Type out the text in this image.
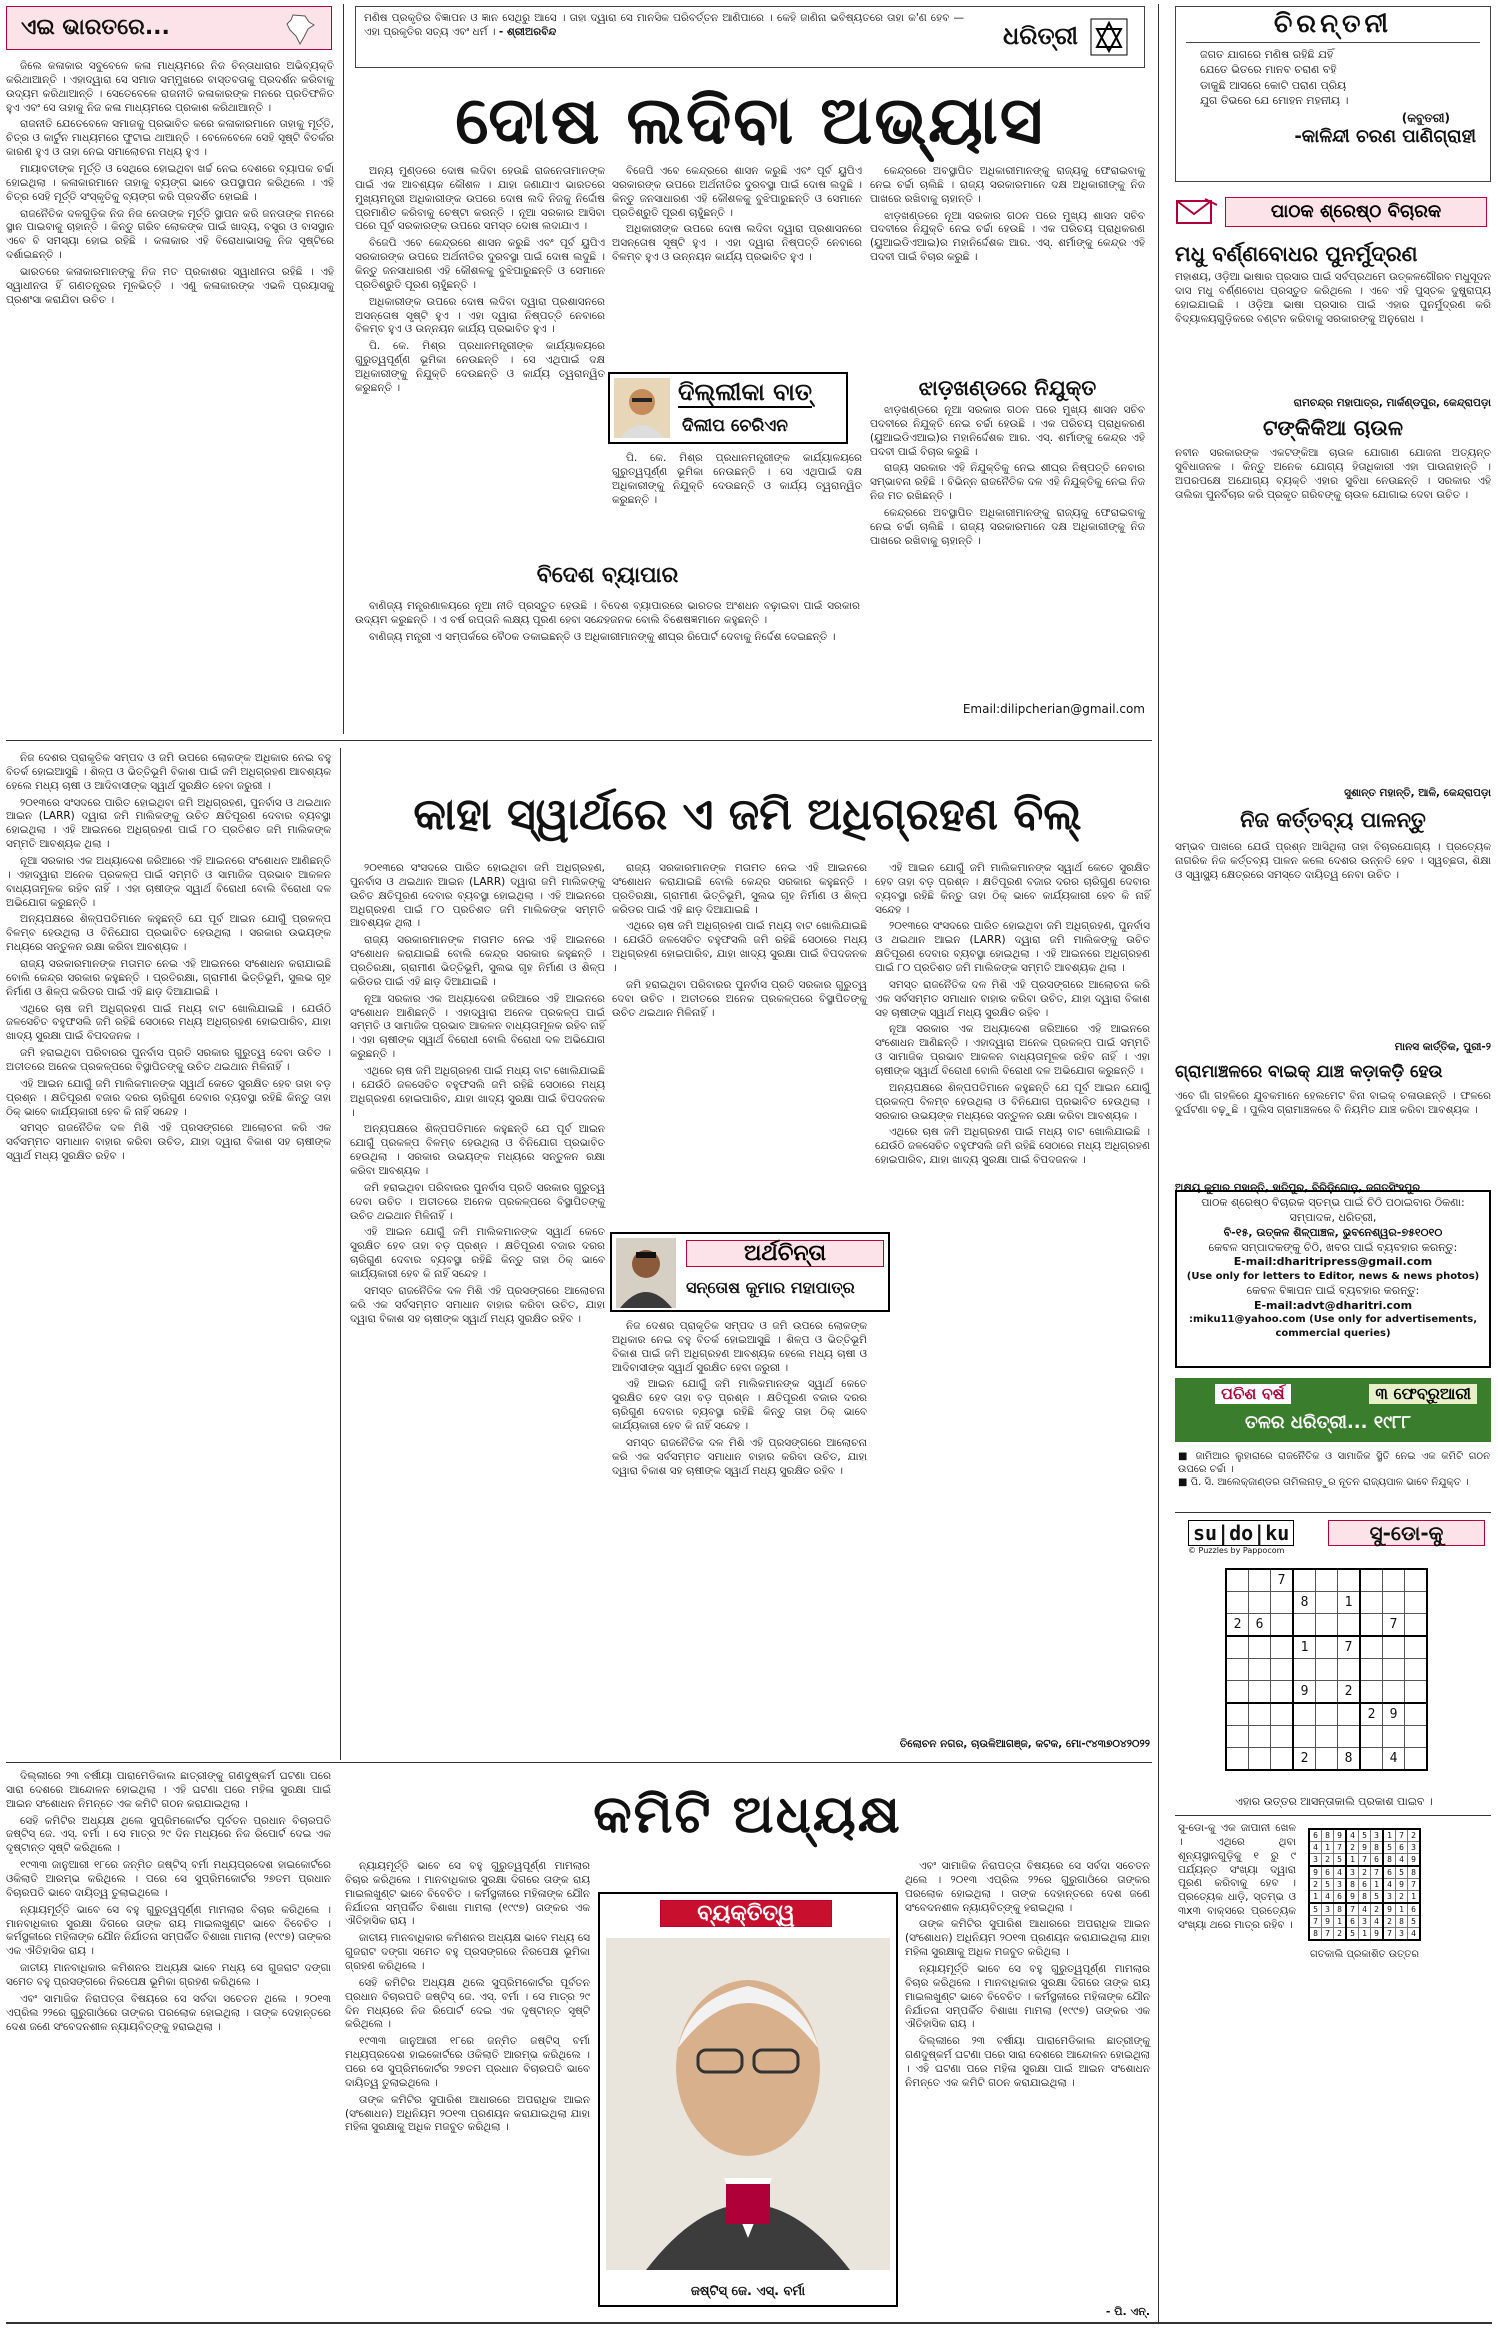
ଏଇ ଭାରତରେ...

ଜିଲେ କଳାକାର ସବୁବେଳେ କଳା ମାଧ୍ୟମରେ ନିଜ ଚିନ୍ତାଧାରାର ଅଭିବ୍ୟକ୍ତି କରିଥାଆନ୍ତି । ଏହାଦ୍ୱାରା ସେ ସମାଜ ସମ୍ମୁଖରେ ବାସ୍ତବତାକୁ ପ୍ରଦର୍ଶନ କରିବାକୁ ଉଦ୍ୟମ କରିଥାଆନ୍ତି । ସେତେବେଳେ ରାଜନୀତି କଳାକାରଙ୍କ ମନରେ ପ୍ରତିଫଳିତ ହୁଏ ଏବଂ ସେ ତାହାକୁ ନିଜ କଳା ମାଧ୍ୟମରେ ପ୍ରକାଶ କରିଥାଆନ୍ତି ।

ରାଜନୀତି ଯେତେବେଳେ ସମାଜକୁ ପ୍ରଭାବିତ କରେ କଳାକାରମାନେ ତାହାକୁ ମୂର୍ତ୍ତି, ଚିତ୍ର ଓ କାର୍ଟୁନ ମାଧ୍ୟମରେ ଫୁଟାଇ ଥାଆନ୍ତି । ବେଳେବେଳେ ସେହି ସୃଷ୍ଟି ବିତର୍କର କାରଣ ହୁଏ ଓ ତାହା ନେଇ ସମାଲୋଚନା ମଧ୍ୟ ହୁଏ ।

ମାୟାବତୀଙ୍କ ମୂର୍ତ୍ତି ଓ ସେଥିରେ ହୋଇଥିବା ଖର୍ଚ୍ଚ ନେଇ ଦେଶରେ ବ୍ୟାପକ ଚର୍ଚ୍ଚା ହୋଇଥିଲା । କଳାକାରମାନେ ତାହାକୁ ବ୍ୟଙ୍ଗ ଭାବେ ଉପସ୍ଥାପନ କରିଥିଲେ । ଏହି ଚିତ୍ର ସେହି ମୂର୍ତ୍ତି ସଂସ୍କୃତିକୁ ବ୍ୟଙ୍ଗ କରି ପ୍ରଦର୍ଶିତ ହୋଇଛି ।

ରାଜନୈତିକ ଦଳଗୁଡ଼ିକ ନିଜ ନିଜ ନେତାଙ୍କ ମୂର୍ତ୍ତି ସ୍ଥାପନ କରି ଜନତାଙ୍କ ମନରେ ସ୍ଥାନ ପାଇବାକୁ ଚାହାନ୍ତି । କିନ୍ତୁ ଗରିବ ଲୋକଙ୍କ ପାଇଁ ଖାଦ୍ୟ, ବସ୍ତ୍ର ଓ ବାସସ୍ଥାନ ଏବେ ବି ସମସ୍ୟା ହୋଇ ରହିଛି । କଳାକାର ଏହି ବିରୋଧାଭାସକୁ ନିଜ ସୃଷ୍ଟିରେ ଦର୍ଶାଇଛନ୍ତି ।

ଭାରତରେ କଳାକାରମାନଙ୍କୁ ନିଜ ମତ ପ୍ରକାଶର ସ୍ୱାଧୀନତା ରହିଛି । ଏହି ସ୍ୱାଧୀନତା ହିଁ ଗଣତନ୍ତ୍ରର ମୂଳଭିତ୍ତି । ଏଣୁ କଳାକାରଙ୍କ ଏଭଳି ପ୍ରୟାସକୁ ପ୍ରଶଂସା କରାଯିବା ଉଚିତ ।

ମଣିଷ ପ୍ରକୃତିର ବିଜ୍ଞାପନ ଓ ଜ୍ଞାନ ସେଥିରୁ ଆସେ । ତାହା ଦ୍ୱାରା ସେ ମାନସିକ ପରିବର୍ତ୍ତନ ଆଣିପାରେ । କେହି ଜାଣିନା ଭବିଷ୍ୟତରେ ତାହା କ'ଣ ହେବ — ଏହା ପ୍ରକୃତିର ସତ୍ୟ ଏବଂ ଧର୍ମ । - ଶ୍ରୀଅରବିନ୍ଦ	ଧରିତ୍ରୀ
ଦୋଷ ଲଦିବା ଅଭ୍ୟାସ

ଅନ୍ୟ ମୁଣ୍ଡରେ ଦୋଷ ଲଦିବା ହେଉଛି ରାଜନେତାମାନଙ୍କ ପାଇଁ ଏକ ଆବଶ୍ୟକ କୌଶଳ । ଯାହା ଜଣାଯାଏ ଭାରତରେ ମୁଖ୍ୟମନ୍ତ୍ରୀ ଅଧିକାରୀଙ୍କ ଉପରେ ଦୋଷ ଲଦି ନିଜକୁ ନିର୍ଦ୍ଦୋଷ ପ୍ରମାଣିତ କରିବାକୁ ଚେଷ୍ଟା କରନ୍ତି । ନୂଆ ସରକାର ଆସିବା ପରେ ପୂର୍ବ ସରକାରଙ୍କ ଉପରେ ସମସ୍ତ ଦୋଷ ଲଦାଯାଏ ।

ବିଜେପି ଏବେ କେନ୍ଦ୍ରରେ ଶାସନ କରୁଛି ଏବଂ ପୂର୍ବ ୟୁପିଏ ସରକାରଙ୍କ ଉପରେ ଅର୍ଥନୀତିର ଦୁରବସ୍ଥା ପାଇଁ ଦୋଷ ଲଦୁଛି । କିନ୍ତୁ ଜନସାଧାରଣ ଏହି କୌଶଳକୁ ବୁଝିପାରୁଛନ୍ତି ଓ ସେମାନେ ପ୍ରତିଶ୍ରୁତି ପୂରଣ ଚାହୁଁଛନ୍ତି ।

ଅଧିକାରୀଙ୍କ ଉପରେ ଦୋଷ ଲଦିବା ଦ୍ୱାରା ପ୍ରଶାସନରେ ଅସନ୍ତୋଷ ସୃଷ୍ଟି ହୁଏ । ଏହା ଦ୍ୱାରା ନିଷ୍ପତ୍ତି ନେବାରେ ବିଳମ୍ବ ହୁଏ ଓ ଉନ୍ନୟନ କାର୍ଯ୍ୟ ପ୍ରଭାବିତ ହୁଏ ।

ପି. କେ. ମିଶ୍ର ପ୍ରଧାନମନ୍ତ୍ରୀଙ୍କ କାର୍ଯ୍ୟାଳୟରେ ଗୁରୁତ୍ୱପୂର୍ଣ୍ଣ ଭୂମିକା ନେଉଛନ୍ତି । ସେ ଏଥିପାଇଁ ଦକ୍ଷ ଅଧିକାରୀଙ୍କୁ ନିଯୁକ୍ତି ଦେଉଛନ୍ତି ଓ କାର୍ଯ୍ୟ ତ୍ୱରାନ୍ୱିତ କରୁଛନ୍ତି ।

ବିଜେପି ଏବେ କେନ୍ଦ୍ରରେ ଶାସନ କରୁଛି ଏବଂ ପୂର୍ବ ୟୁପିଏ ସରକାରଙ୍କ ଉପରେ ଅର୍ଥନୀତିର ଦୁରବସ୍ଥା ପାଇଁ ଦୋଷ ଲଦୁଛି । କିନ୍ତୁ ଜନସାଧାରଣ ଏହି କୌଶଳକୁ ବୁଝିପାରୁଛନ୍ତି ଓ ସେମାନେ ପ୍ରତିଶ୍ରୁତି ପୂରଣ ଚାହୁଁଛନ୍ତି ।

ଅଧିକାରୀଙ୍କ ଉପରେ ଦୋଷ ଲଦିବା ଦ୍ୱାରା ପ୍ରଶାସନରେ ଅସନ୍ତୋଷ ସୃଷ୍ଟି ହୁଏ । ଏହା ଦ୍ୱାରା ନିଷ୍ପତ୍ତି ନେବାରେ ବିଳମ୍ବ ହୁଏ ଓ ଉନ୍ନୟନ କାର୍ଯ୍ୟ ପ୍ରଭାବିତ ହୁଏ ।

କେନ୍ଦ୍ରରେ ଅବସ୍ଥାପିତ ଅଧିକାରୀମାନଙ୍କୁ ରାଜ୍ୟକୁ ଫେରାଇବାକୁ ନେଇ ଚର୍ଚ୍ଚା ଚାଲିଛି । ରାଜ୍ୟ ସରକାରମାନେ ଦକ୍ଷ ଅଧିକାରୀଙ୍କୁ ନିଜ ପାଖରେ ରଖିବାକୁ ଚାହାନ୍ତି ।

ଝାଡ଼ଖଣ୍ଡରେ ନୂଆ ସରକାର ଗଠନ ପରେ ମୁଖ୍ୟ ଶାସନ ସଚିବ ପଦବୀରେ ନିଯୁକ୍ତି ନେଇ ଚର୍ଚ୍ଚା ହେଉଛି । ଏକ ପରିଚୟ ପ୍ରାଧିକରଣ (ୟୁଆଇଡିଏଆଇ)ର ମହାନିର୍ଦ୍ଦେଶକ ଆର. ଏସ୍. ଶର୍ମାଙ୍କୁ କେନ୍ଦ୍ର ଏହି ପଦବୀ ପାଇଁ ବିଚାର କରୁଛି ।

ଦିଲ୍ଲୀକା ବାତ୍
ଦିଲୀପ ଚେରିଏନ
ଝାଡ଼ଖଣ୍ଡରେ ନିଯୁକ୍ତ

ପି. କେ. ମିଶ୍ର ପ୍ରଧାନମନ୍ତ୍ରୀଙ୍କ କାର୍ଯ୍ୟାଳୟରେ ଗୁରୁତ୍ୱପୂର୍ଣ୍ଣ ଭୂମିକା ନେଉଛନ୍ତି । ସେ ଏଥିପାଇଁ ଦକ୍ଷ ଅଧିକାରୀଙ୍କୁ ନିଯୁକ୍ତି ଦେଉଛନ୍ତି ଓ କାର୍ଯ୍ୟ ତ୍ୱରାନ୍ୱିତ କରୁଛନ୍ତି ।

ଝାଡ଼ଖଣ୍ଡରେ ନୂଆ ସରକାର ଗଠନ ପରେ ମୁଖ୍ୟ ଶାସନ ସଚିବ ପଦବୀରେ ନିଯୁକ୍ତି ନେଇ ଚର୍ଚ୍ଚା ହେଉଛି । ଏକ ପରିଚୟ ପ୍ରାଧିକରଣ (ୟୁଆଇଡିଏଆଇ)ର ମହାନିର୍ଦ୍ଦେଶକ ଆର. ଏସ୍. ଶର୍ମାଙ୍କୁ କେନ୍ଦ୍ର ଏହି ପଦବୀ ପାଇଁ ବିଚାର କରୁଛି ।

ରାଜ୍ୟ ସରକାର ଏହି ନିଯୁକ୍ତିକୁ ନେଇ ଶୀଘ୍ର ନିଷ୍ପତ୍ତି ନେବାର ସମ୍ଭାବନା ରହିଛି । ବିଭିନ୍ନ ରାଜନୈତିକ ଦଳ ଏହି ନିଯୁକ୍ତିକୁ ନେଇ ନିଜ ନିଜ ମତ ରଖିଛନ୍ତି ।

କେନ୍ଦ୍ରରେ ଅବସ୍ଥାପିତ ଅଧିକାରୀମାନଙ୍କୁ ରାଜ୍ୟକୁ ଫେରାଇବାକୁ ନେଇ ଚର୍ଚ୍ଚା ଚାଲିଛି । ରାଜ୍ୟ ସରକାରମାନେ ଦକ୍ଷ ଅଧିକାରୀଙ୍କୁ ନିଜ ପାଖରେ ରଖିବାକୁ ଚାହାନ୍ତି ।

ବିଦେଶ ବ୍ୟାପାର

ବାଣିଜ୍ୟ ମନ୍ତ୍ରଣାଳୟରେ ନୂଆ ନୀତି ପ୍ରସ୍ତୁତ ହେଉଛି । ବିଦେଶ ବ୍ୟାପାରରେ ଭାରତର ଅଂଶଧନ ବଢ଼ାଇବା ପାଇଁ ସରକାର ଉଦ୍ୟମ କରୁଛନ୍ତି । ଏ ବର୍ଷ ରପ୍ତାନି ଲକ୍ଷ୍ୟ ପୂରଣ ହେବା ସନ୍ଦେହଜନକ ବୋଲି ବିଶେଷଜ୍ଞମାନେ କହୁଛନ୍ତି ।

ବାଣିଜ୍ୟ ମନ୍ତ୍ରୀ ଏ ସମ୍ପର୍କରେ ବୈଠକ ଡକାଇଛନ୍ତି ଓ ଅଧିକାରୀମାନଙ୍କୁ ଶୀଘ୍ର ରିପୋର୍ଟ ଦେବାକୁ ନିର୍ଦ୍ଦେଶ ଦେଇଛନ୍ତି ।

Email:dilipcherian@gmail.com
ଚିରନ୍ତନୀ
ଜଗତ ଯାଗରେ ମଣିଷ ରହିଛି ଯହିଁ
ଯେତେ ଭିତରେ ମାନବ ଚରାଣ ବହି
ଡାକୁଛି ଆସରେ କୋଟି ପରାଣ ପ୍ରିୟ
ଯୁଗ ତିଭରେ ଯେ ମୋହନ ମହନୀୟ ।
(କବୁତରୀ)
-କାଳିନ୍ଦୀ ଚରଣ ପାଣିଗ୍ରାହୀ
ପାଠକ ଶ୍ରେଷ୍ଠ ବିଚାରକ
ମଧୁ ବର୍ଣ୍ଣବୋଧର ପୁନର୍ମୁଦ୍ରଣ
ମହାଶୟ, ଓଡ଼ିଆ ଭାଷାର ପ୍ରସାର ପାଇଁ ସର୍ବପ୍ରଥମେ ଉତ୍କଳଗୌରବ ମଧୁସୂଦନ ଦାସ ମଧୁ ବର୍ଣ୍ଣବୋଧ ପ୍ରସ୍ତୁତ କରିଥିଲେ । ଏବେ ଏହି ପୁସ୍ତକ ଦୁଷ୍ପ୍ରାପ୍ୟ ହୋଇଯାଇଛି । ଓଡ଼ିଆ ଭାଷା ପ୍ରସାର ପାଇଁ ଏହାର ପୁନର୍ମୁଦ୍ରଣ କରି ବିଦ୍ୟାଳୟଗୁଡ଼ିକରେ ବଣ୍ଟନ କରିବାକୁ ସରକାରଙ୍କୁ ଅନୁରୋଧ ।
ରାମଚନ୍ଦ୍ର ମହାପାତ୍ର, ମାର୍କଣ୍ଡପୁର, କେନ୍ଦ୍ରାପଡ଼ା
ଟଙ୍କିକିଆ ଚାଉଳ
ନବୀନ ସରକାରଙ୍କ ଏକଟଙ୍କିଆ ଚାଉଳ ଯୋଗାଣ ଯୋଜନା ଅତ୍ୟନ୍ତ ସୁବିଧାଜନକ । କିନ୍ତୁ ଅନେକ ଯୋଗ୍ୟ ହିତାଧିକାରୀ ଏହା ପାଉନାହାନ୍ତି । ଅପରପକ୍ଷେ ଅଯୋଗ୍ୟ ବ୍ୟକ୍ତି ଏହାର ସୁବିଧା ନେଉଛନ୍ତି । ସରକାର ଏହି ତାଲିକା ପୁନର୍ବିଚାର କରି ପ୍ରକୃତ ଗରିବଙ୍କୁ ଚାଉଳ ଯୋଗାଇ ଦେବା ଉଚିତ ।
ସୁଶାନ୍ତ ମହାନ୍ତି, ଆଳି, କେନ୍ଦ୍ରାପଡ଼ା
ନିଜ କର୍ତ୍ତବ୍ୟ ପାଳନ୍ତୁ
ସମ୍ଭବ ପାଖରେ ଯେଉଁ ପ୍ରଶ୍ନ ଆସିଥିଲା ତାହା ବିଚାରଯୋଗ୍ୟ । ପ୍ରତ୍ୟେକ ନାଗରିକ ନିଜ କର୍ତ୍ତବ୍ୟ ପାଳନ କଲେ ଦେଶର ଉନ୍ନତି ହେବ । ସ୍ୱଚ୍ଛତା, ଶିକ୍ଷା ଓ ସ୍ୱାସ୍ଥ୍ୟ କ୍ଷେତ୍ରରେ ସମସ୍ତେ ଦାୟିତ୍ୱ ନେବା ଉଚିତ ।
ମାନସ କାର୍ତ୍ତିକ, ପୁରୀ-୨
ଗ୍ରାମାଞ୍ଚଳରେ ବାଇକ୍ ଯାଞ୍ଚ କଡ଼ାକଡ଼ି ହେଉ
ଏବେ ଗାଁ ଗହଳିରେ ଯୁବକମାନେ ହେଲମେଟ ବିନା ବାଇକ୍ ଚଳାଉଛନ୍ତି । ଫଳରେ ଦୁର୍ଘଟଣା ବଢ଼ୁଛି । ପୁଲିସ ଗ୍ରାମାଞ୍ଚଳରେ ବି ନିୟମିତ ଯାଞ୍ଚ କରିବା ଆବଶ୍ୟକ ।
ଅକ୍ଷୟ କୁମାର ମହାନ୍ତି, ହାତିପୁର, ବିରିଡ଼ିଗୋଡ଼, ଜଗତସିଂହପୁର
ପାଠକ ଶ୍ରେଷ୍ଠ ବିଚାରକ ସ୍ତମ୍ଭ ପାଇଁ ଚିଠି ପଠାଇବାର ଠିକଣା:
ସମ୍ପାଦକ, ଧରିତ୍ରୀ,
ବି-୧୫, ଉତ୍କଳ ଶିଳ୍ପାଞ୍ଚଳ, ଭୁବନେଶ୍ୱର-୭୫୧୦୧୦
କେବଳ ସମ୍ପାଦକଙ୍କୁ ଚିଠି, ଖବର ପାଇଁ ବ୍ୟବହାର କରନ୍ତୁ:
E-mail:dharitripress@gmail.com
(Use only for letters to Editor, news & news photos)
କେବଳ ବିଜ୍ଞାପନ ପାଇଁ ବ୍ୟବହାର କରନ୍ତୁ:
E-mail:advt@dharitri.com
:miku11@yahoo.com (Use only for advertisements, commercial queries)
ପଚିଶ ବର୍ଷ	୩ ଫେବ୍ରୁଆରୀ
ତଳର ଧରିତ୍ରୀ... ୧୯୮୮
■ ଜାମିଆର ଲୁହାରାରେ ରାଜନୈତିକ ଓ ସାମାଜିକ ସ୍ଥିତି ନେଇ ଏକ କମିଟି ଗଠନ ଉପରେ ଚର୍ଚ୍ଚା ।
■ ପି. ସି. ଆଲେକ୍‌ଜାଣ୍ଡର ତାମିଲନାଡ଼ୁର ନୂତନ ରାଜ୍ୟପାଳ ଭାବେ ନିଯୁକ୍ତ ।
su|do|ku
© Puzzles by Pappocom
ସୁ-ଡୋ-କୁ
		7						
			8		1			
2	6						7	
			1		7			

			9		2			
						2	9	

			2		8		4	
ଏହାର ଉତ୍ତର ଆସନ୍ତାକାଲି ପ୍ରକାଶ ପାଇବ ।
ସୁ-ଡୋ-କୁ ଏକ ଜାପାନୀ ଖେଳ । ଏଥିରେ ଥିବା ଶୂନ୍ୟସ୍ଥାନଗୁଡ଼ିକୁ ୧ ରୁ ୯ ପର୍ଯ୍ୟନ୍ତ ସଂଖ୍ୟା ଦ୍ୱାରା ପୂରଣ କରିବାକୁ ହେବ । ପ୍ରତ୍ୟେକ ଧାଡ଼ି, ସ୍ତମ୍ଭ ଓ ୩x୩ ବାକ୍ସରେ ପ୍ରତ୍ୟେକ ସଂଖ୍ୟା ଥରେ ମାତ୍ର ରହିବ ।
6	8	9	4	5	3	1	7	2
4	1	7	2	9	8	5	6	3
3	2	5	1	7	6	8	4	9
9	6	4	3	2	7	6	5	8
2	5	3	8	6	1	4	9	7
1	4	6	9	8	5	3	2	1
5	3	8	7	4	2	9	1	6
7	9	1	6	3	4	2	8	5
8	7	2	5	1	9	7	3	4
ଗତକାଲି ପ୍ରକାଶିତ ଉତ୍ତର

ନିଜ ଦେଶର ପ୍ରାକୃତିକ ସମ୍ପଦ ଓ ଜମି ଉପରେ ଲୋକଙ୍କ ଅଧିକାର ନେଇ ବହୁ ବିତର୍କ ହୋଇଆସୁଛି । ଶିଳ୍ପ ଓ ଭିତ୍ତିଭୂମି ବିକାଶ ପାଇଁ ଜମି ଅଧିଗ୍ରହଣ ଆବଶ୍ୟକ ହେଲେ ମଧ୍ୟ ଚାଷୀ ଓ ଆଦିବାସୀଙ୍କ ସ୍ୱାର୍ଥ ସୁରକ୍ଷିତ ହେବା ଜରୁରୀ ।

୨୦୧୩ରେ ସଂସଦରେ ପାରିତ ହୋଇଥିବା ଜମି ଅଧିଗ୍ରହଣ, ପୁନର୍ବାସ ଓ ଥଇଥାନ ଆଇନ (LARR) ଦ୍ୱାରା ଜମି ମାଲିକଙ୍କୁ ଉଚିତ କ୍ଷତିପୂରଣ ଦେବାର ବ୍ୟବସ୍ଥା ହୋଇଥିଲା । ଏହି ଆଇନରେ ଅଧିଗ୍ରହଣ ପାଇଁ ୮୦ ପ୍ରତିଶତ ଜମି ମାଲିକଙ୍କ ସମ୍ମତି ଆବଶ୍ୟକ ଥିଲା ।

ନୂଆ ସରକାର ଏକ ଅଧ୍ୟାଦେଶ ଜରିଆରେ ଏହି ଆଇନରେ ସଂଶୋଧନ ଆଣିଛନ୍ତି । ଏହାଦ୍ୱାରା ଅନେକ ପ୍ରକଳ୍ପ ପାଇଁ ସମ୍ମତି ଓ ସାମାଜିକ ପ୍ରଭାବ ଆକଳନ ବାଧ୍ୟତାମୂଳକ ରହିବ ନାହିଁ । ଏହା ଚାଷୀଙ୍କ ସ୍ୱାର୍ଥ ବିରୋଧୀ ବୋଲି ବିରୋଧୀ ଦଳ ଅଭିଯୋଗ କରୁଛନ୍ତି ।

ଅନ୍ୟପକ୍ଷରେ ଶିଳ୍ପପତିମାନେ କହୁଛନ୍ତି ଯେ ପୂର୍ବ ଆଇନ ଯୋଗୁଁ ପ୍ରକଳ୍ପ ବିଳମ୍ବ ହେଉଥିଲା ଓ ବିନିଯୋଗ ପ୍ରଭାବିତ ହେଉଥିଲା । ସରକାର ଉଭୟଙ୍କ ମଧ୍ୟରେ ସନ୍ତୁଳନ ରକ୍ଷା କରିବା ଆବଶ୍ୟକ ।

ରାଜ୍ୟ ସରକାରମାନଙ୍କ ମତାମତ ନେଇ ଏହି ଆଇନରେ ସଂଶୋଧନ କରାଯାଇଛି ବୋଲି କେନ୍ଦ୍ର ସରକାର କହୁଛନ୍ତି । ପ୍ରତିରକ୍ଷା, ଗ୍ରାମୀଣ ଭିତ୍ତିଭୂମି, ସୁଲଭ ଗୃହ ନିର୍ମାଣ ଓ ଶିଳ୍ପ କରିଡର ପାଇଁ ଏହି ଛାଡ଼ ଦିଆଯାଇଛି ।

ଏଥିରେ ଚାଷ ଜମି ଅଧିଗ୍ରହଣ ପାଇଁ ମଧ୍ୟ ବାଟ ଖୋଲିଯାଇଛି । ଯେଉଁଠି ଜଳସେଚିତ ବହୁଫସଲି ଜମି ରହିଛି ସେଠାରେ ମଧ୍ୟ ଅଧିଗ୍ରହଣ ହୋଇପାରିବ, ଯାହା ଖାଦ୍ୟ ସୁରକ୍ଷା ପାଇଁ ବିପଦଜନକ ।

ଜମି ହରାଇଥିବା ପରିବାରର ପୁନର୍ବାସ ପ୍ରତି ସରକାର ଗୁରୁତ୍ୱ ଦେବା ଉଚିତ । ଅତୀତରେ ଅନେକ ପ୍ରକଳ୍ପରେ ବିସ୍ଥାପିତଙ୍କୁ ଉଚିତ ଥଇଥାନ ମିଳିନାହିଁ ।

ଏହି ଆଇନ ଯୋଗୁଁ ଜମି ମାଲିକମାନଙ୍କ ସ୍ୱାର୍ଥ କେତେ ସୁରକ୍ଷିତ ହେବ ତାହା ବଡ଼ ପ୍ରଶ୍ନ । କ୍ଷତିପୂରଣ ବଜାର ଦରର ଚାରିଗୁଣ ଦେବାର ବ୍ୟବସ୍ଥା ରହିଛି କିନ୍ତୁ ତାହା ଠିକ୍ ଭାବେ କାର୍ଯ୍ୟକାରୀ ହେବ କି ନାହିଁ ସନ୍ଦେହ ।

ସମସ୍ତ ରାଜନୈତିକ ଦଳ ମିଶି ଏହି ପ୍ରସଙ୍ଗରେ ଆଲୋଚନା କରି ଏକ ସର୍ବସମ୍ମତ ସମାଧାନ ବାହାର କରିବା ଉଚିତ, ଯାହା ଦ୍ୱାରା ବିକାଶ ସହ ଚାଷୀଙ୍କ ସ୍ୱାର୍ଥ ମଧ୍ୟ ସୁରକ୍ଷିତ ରହିବ ।

କାହା ସ୍ୱାର୍ଥରେ ଏ ଜମି ଅଧିଗ୍ରହଣ ବିଲ୍

୨୦୧୩ରେ ସଂସଦରେ ପାରିତ ହୋଇଥିବା ଜମି ଅଧିଗ୍ରହଣ, ପୁନର୍ବାସ ଓ ଥଇଥାନ ଆଇନ (LARR) ଦ୍ୱାରା ଜମି ମାଲିକଙ୍କୁ ଉଚିତ କ୍ଷତିପୂରଣ ଦେବାର ବ୍ୟବସ୍ଥା ହୋଇଥିଲା । ଏହି ଆଇନରେ ଅଧିଗ୍ରହଣ ପାଇଁ ୮୦ ପ୍ରତିଶତ ଜମି ମାଲିକଙ୍କ ସମ୍ମତି ଆବଶ୍ୟକ ଥିଲା ।

ରାଜ୍ୟ ସରକାରମାନଙ୍କ ମତାମତ ନେଇ ଏହି ଆଇନରେ ସଂଶୋଧନ କରାଯାଇଛି ବୋଲି କେନ୍ଦ୍ର ସରକାର କହୁଛନ୍ତି । ପ୍ରତିରକ୍ଷା, ଗ୍ରାମୀଣ ଭିତ୍ତିଭୂମି, ସୁଲଭ ଗୃହ ନିର୍ମାଣ ଓ ଶିଳ୍ପ କରିଡର ପାଇଁ ଏହି ଛାଡ଼ ଦିଆଯାଇଛି ।

ନୂଆ ସରକାର ଏକ ଅଧ୍ୟାଦେଶ ଜରିଆରେ ଏହି ଆଇନରେ ସଂଶୋଧନ ଆଣିଛନ୍ତି । ଏହାଦ୍ୱାରା ଅନେକ ପ୍ରକଳ୍ପ ପାଇଁ ସମ୍ମତି ଓ ସାମାଜିକ ପ୍ରଭାବ ଆକଳନ ବାଧ୍ୟତାମୂଳକ ରହିବ ନାହିଁ । ଏହା ଚାଷୀଙ୍କ ସ୍ୱାର୍ଥ ବିରୋଧୀ ବୋଲି ବିରୋଧୀ ଦଳ ଅଭିଯୋଗ କରୁଛନ୍ତି ।

ଏଥିରେ ଚାଷ ଜମି ଅଧିଗ୍ରହଣ ପାଇଁ ମଧ୍ୟ ବାଟ ଖୋଲିଯାଇଛି । ଯେଉଁଠି ଜଳସେଚିତ ବହୁଫସଲି ଜମି ରହିଛି ସେଠାରେ ମଧ୍ୟ ଅଧିଗ୍ରହଣ ହୋଇପାରିବ, ଯାହା ଖାଦ୍ୟ ସୁରକ୍ଷା ପାଇଁ ବିପଦଜନକ ।

ଅନ୍ୟପକ୍ଷରେ ଶିଳ୍ପପତିମାନେ କହୁଛନ୍ତି ଯେ ପୂର୍ବ ଆଇନ ଯୋଗୁଁ ପ୍ରକଳ୍ପ ବିଳମ୍ବ ହେଉଥିଲା ଓ ବିନିଯୋଗ ପ୍ରଭାବିତ ହେଉଥିଲା । ସରକାର ଉଭୟଙ୍କ ମଧ୍ୟରେ ସନ୍ତୁଳନ ରକ୍ଷା କରିବା ଆବଶ୍ୟକ ।

ଜମି ହରାଇଥିବା ପରିବାରର ପୁନର୍ବାସ ପ୍ରତି ସରକାର ଗୁରୁତ୍ୱ ଦେବା ଉଚିତ । ଅତୀତରେ ଅନେକ ପ୍ରକଳ୍ପରେ ବିସ୍ଥାପିତଙ୍କୁ ଉଚିତ ଥଇଥାନ ମିଳିନାହିଁ ।

ଏହି ଆଇନ ଯୋଗୁଁ ଜମି ମାଲିକମାନଙ୍କ ସ୍ୱାର୍ଥ କେତେ ସୁରକ୍ଷିତ ହେବ ତାହା ବଡ଼ ପ୍ରଶ୍ନ । କ୍ଷତିପୂରଣ ବଜାର ଦରର ଚାରିଗୁଣ ଦେବାର ବ୍ୟବସ୍ଥା ରହିଛି କିନ୍ତୁ ତାହା ଠିକ୍ ଭାବେ କାର୍ଯ୍ୟକାରୀ ହେବ କି ନାହିଁ ସନ୍ଦେହ ।

ସମସ୍ତ ରାଜନୈତିକ ଦଳ ମିଶି ଏହି ପ୍ରସଙ୍ଗରେ ଆଲୋଚନା କରି ଏକ ସର୍ବସମ୍ମତ ସମାଧାନ ବାହାର କରିବା ଉଚିତ, ଯାହା ଦ୍ୱାରା ବିକାଶ ସହ ଚାଷୀଙ୍କ ସ୍ୱାର୍ଥ ମଧ୍ୟ ସୁରକ୍ଷିତ ରହିବ ।

ରାଜ୍ୟ ସରକାରମାନଙ୍କ ମତାମତ ନେଇ ଏହି ଆଇନରେ ସଂଶୋଧନ କରାଯାଇଛି ବୋଲି କେନ୍ଦ୍ର ସରକାର କହୁଛନ୍ତି । ପ୍ରତିରକ୍ଷା, ଗ୍ରାମୀଣ ଭିତ୍ତିଭୂମି, ସୁଲଭ ଗୃହ ନିର୍ମାଣ ଓ ଶିଳ୍ପ କରିଡର ପାଇଁ ଏହି ଛାଡ଼ ଦିଆଯାଇଛି ।

ଏଥିରେ ଚାଷ ଜମି ଅଧିଗ୍ରହଣ ପାଇଁ ମଧ୍ୟ ବାଟ ଖୋଲିଯାଇଛି । ଯେଉଁଠି ଜଳସେଚିତ ବହୁଫସଲି ଜମି ରହିଛି ସେଠାରେ ମଧ୍ୟ ଅଧିଗ୍ରହଣ ହୋଇପାରିବ, ଯାହା ଖାଦ୍ୟ ସୁରକ୍ଷା ପାଇଁ ବିପଦଜନକ ।

ଜମି ହରାଇଥିବା ପରିବାରର ପୁନର୍ବାସ ପ୍ରତି ସରକାର ଗୁରୁତ୍ୱ ଦେବା ଉଚିତ । ଅତୀତରେ ଅନେକ ପ୍ରକଳ୍ପରେ ବିସ୍ଥାପିତଙ୍କୁ ଉଚିତ ଥଇଥାନ ମିଳିନାହିଁ ।

ଏହି ଆଇନ ଯୋଗୁଁ ଜମି ମାଲିକମାନଙ୍କ ସ୍ୱାର୍ଥ କେତେ ସୁରକ୍ଷିତ ହେବ ତାହା ବଡ଼ ପ୍ରଶ୍ନ । କ୍ଷତିପୂରଣ ବଜାର ଦରର ଚାରିଗୁଣ ଦେବାର ବ୍ୟବସ୍ଥା ରହିଛି କିନ୍ତୁ ତାହା ଠିକ୍ ଭାବେ କାର୍ଯ୍ୟକାରୀ ହେବ କି ନାହିଁ ସନ୍ଦେହ ।

୨୦୧୩ରେ ସଂସଦରେ ପାରିତ ହୋଇଥିବା ଜମି ଅଧିଗ୍ରହଣ, ପୁନର୍ବାସ ଓ ଥଇଥାନ ଆଇନ (LARR) ଦ୍ୱାରା ଜମି ମାଲିକଙ୍କୁ ଉଚିତ କ୍ଷତିପୂରଣ ଦେବାର ବ୍ୟବସ୍ଥା ହୋଇଥିଲା । ଏହି ଆଇନରେ ଅଧିଗ୍ରହଣ ପାଇଁ ୮୦ ପ୍ରତିଶତ ଜମି ମାଲିକଙ୍କ ସମ୍ମତି ଆବଶ୍ୟକ ଥିଲା ।

ସମସ୍ତ ରାଜନୈତିକ ଦଳ ମିଶି ଏହି ପ୍ରସଙ୍ଗରେ ଆଲୋଚନା କରି ଏକ ସର୍ବସମ୍ମତ ସମାଧାନ ବାହାର କରିବା ଉଚିତ, ଯାହା ଦ୍ୱାରା ବିକାଶ ସହ ଚାଷୀଙ୍କ ସ୍ୱାର୍ଥ ମଧ୍ୟ ସୁରକ୍ଷିତ ରହିବ ।

ନୂଆ ସରକାର ଏକ ଅଧ୍ୟାଦେଶ ଜରିଆରେ ଏହି ଆଇନରେ ସଂଶୋଧନ ଆଣିଛନ୍ତି । ଏହାଦ୍ୱାରା ଅନେକ ପ୍ରକଳ୍ପ ପାଇଁ ସମ୍ମତି ଓ ସାମାଜିକ ପ୍ରଭାବ ଆକଳନ ବାଧ୍ୟତାମୂଳକ ରହିବ ନାହିଁ । ଏହା ଚାଷୀଙ୍କ ସ୍ୱାର୍ଥ ବିରୋଧୀ ବୋଲି ବିରୋଧୀ ଦଳ ଅଭିଯୋଗ କରୁଛନ୍ତି ।

ଅନ୍ୟପକ୍ଷରେ ଶିଳ୍ପପତିମାନେ କହୁଛନ୍ତି ଯେ ପୂର୍ବ ଆଇନ ଯୋଗୁଁ ପ୍ରକଳ୍ପ ବିଳମ୍ବ ହେଉଥିଲା ଓ ବିନିଯୋଗ ପ୍ରଭାବିତ ହେଉଥିଲା । ସରକାର ଉଭୟଙ୍କ ମଧ୍ୟରେ ସନ୍ତୁଳନ ରକ୍ଷା କରିବା ଆବଶ୍ୟକ ।

ଏଥିରେ ଚାଷ ଜମି ଅଧିଗ୍ରହଣ ପାଇଁ ମଧ୍ୟ ବାଟ ଖୋଲିଯାଇଛି । ଯେଉଁଠି ଜଳସେଚିତ ବହୁଫସଲି ଜମି ରହିଛି ସେଠାରେ ମଧ୍ୟ ଅଧିଗ୍ରହଣ ହୋଇପାରିବ, ଯାହା ଖାଦ୍ୟ ସୁରକ୍ଷା ପାଇଁ ବିପଦଜନକ ।

ଅର୍ଥଚିନ୍ତା
ସନ୍ତୋଷ କୁମାର ମହାପାତ୍ର

ନିଜ ଦେଶର ପ୍ରାକୃତିକ ସମ୍ପଦ ଓ ଜମି ଉପରେ ଲୋକଙ୍କ ଅଧିକାର ନେଇ ବହୁ ବିତର୍କ ହୋଇଆସୁଛି । ଶିଳ୍ପ ଓ ଭିତ୍ତିଭୂମି ବିକାଶ ପାଇଁ ଜମି ଅଧିଗ୍ରହଣ ଆବଶ୍ୟକ ହେଲେ ମଧ୍ୟ ଚାଷୀ ଓ ଆଦିବାସୀଙ୍କ ସ୍ୱାର୍ଥ ସୁରକ୍ଷିତ ହେବା ଜରୁରୀ ।

ଏହି ଆଇନ ଯୋଗୁଁ ଜମି ମାଲିକମାନଙ୍କ ସ୍ୱାର୍ଥ କେତେ ସୁରକ୍ଷିତ ହେବ ତାହା ବଡ଼ ପ୍ରଶ୍ନ । କ୍ଷତିପୂରଣ ବଜାର ଦରର ଚାରିଗୁଣ ଦେବାର ବ୍ୟବସ୍ଥା ରହିଛି କିନ୍ତୁ ତାହା ଠିକ୍ ଭାବେ କାର୍ଯ୍ୟକାରୀ ହେବ କି ନାହିଁ ସନ୍ଦେହ ।

ସମସ୍ତ ରାଜନୈତିକ ଦଳ ମିଶି ଏହି ପ୍ରସଙ୍ଗରେ ଆଲୋଚନା କରି ଏକ ସର୍ବସମ୍ମତ ସମାଧାନ ବାହାର କରିବା ଉଚିତ, ଯାହା ଦ୍ୱାରା ବିକାଶ ସହ ଚାଷୀଙ୍କ ସ୍ୱାର୍ଥ ମଧ୍ୟ ସୁରକ୍ଷିତ ରହିବ ।

ତିଲୋଚନ ନଗର, ଚାଉଳିଆଗଞ୍ଜ, କଟକ, ମୋ-୯୪୩୭୦୪୨୦୨୨

ଦିଲ୍ଲୀରେ ୨୩ ବର୍ଷୀୟା ପାରାମେଡିକାଲ ଛାତ୍ରୀଙ୍କୁ ଗଣଦୁଷ୍କର୍ମ ଘଟଣା ପରେ ସାରା ଦେଶରେ ଆନ୍ଦୋଳନ ହୋଇଥିଲା । ଏହି ଘଟଣା ପରେ ମହିଳା ସୁରକ୍ଷା ପାଇଁ ଆଇନ ସଂଶୋଧନ ନିମନ୍ତେ ଏକ କମିଟି ଗଠନ କରାଯାଇଥିଲା ।

ସେହି କମିଟିର ଅଧ୍ୟକ୍ଷ ଥିଲେ ସୁପ୍ରିମକୋର୍ଟର ପୂର୍ବତନ ପ୍ରଧାନ ବିଚାରପତି ଜଷ୍ଟିସ୍ ଜେ. ଏସ୍. ବର୍ମା । ସେ ମାତ୍ର ୨୯ ଦିନ ମଧ୍ୟରେ ନିଜ ରିପୋର୍ଟ ଦେଇ ଏକ ଦୃଷ୍ଟାନ୍ତ ସୃଷ୍ଟି କରିଥିଲେ ।

୧୯୩୩ ଜାନୁଆରୀ ୧୮ରେ ଜନ୍ମିତ ଜଷ୍ଟିସ୍ ବର୍ମା ମଧ୍ୟପ୍ରଦେଶ ହାଇକୋର୍ଟରେ ଓକିଲାତି ଆରମ୍ଭ କରିଥିଲେ । ପରେ ସେ ସୁପ୍ରିମକୋର୍ଟର ୨୭ତମ ପ୍ରଧାନ ବିଚାରପତି ଭାବେ ଦାୟିତ୍ୱ ତୁଲାଇଥିଲେ ।

ନ୍ୟାୟମୂର୍ତ୍ତି ଭାବେ ସେ ବହୁ ଗୁରୁତ୍ୱପୂର୍ଣ୍ଣ ମାମଲାର ବିଚାର କରିଥିଲେ । ମାନବାଧିକାର ସୁରକ୍ଷା ଦିଗରେ ତାଙ୍କ ରାୟ ମାଇଲଖୁଣ୍ଟ ଭାବେ ବିବେଚିତ । କର୍ମସ୍ଥଳୀରେ ମହିଳାଙ୍କ ଯୌନ ନିର୍ଯାତନା ସମ୍ପର୍କିତ ବିଶାଖା ମାମଲା (୧୯୯୭) ତାଙ୍କର ଏକ ଐତିହାସିକ ରାୟ ।

ଜାତୀୟ ମାନବାଧିକାର କମିଶନର ଅଧ୍ୟକ୍ଷ ଭାବେ ମଧ୍ୟ ସେ ଗୁଜରାଟ ଦଙ୍ଗା ସମେତ ବହୁ ପ୍ରସଙ୍ଗରେ ନିରପେକ୍ଷ ଭୂମିକା ଗ୍ରହଣ କରିଥିଲେ ।

ଏବଂ ସାମାଜିକ ନିରାପତ୍ତା ବିଷୟରେ ସେ ସର୍ବଦା ସଚେତନ ଥିଲେ । ୨୦୧୩ ଏପ୍ରିଲ ୨୨ରେ ଗୁରୁଗାଓଁରେ ତାଙ୍କର ପରଲୋକ ହୋଇଥିଲା । ତାଙ୍କ ଦେହାନ୍ତରେ ଦେଶ ଜଣେ ସଂବେଦନଶୀଳ ନ୍ୟାୟବିତ୍‌ଙ୍କୁ ହରାଇଥିଲା ।

କମିଟି ଅଧ୍ୟକ୍ଷ

ନ୍ୟାୟମୂର୍ତ୍ତି ଭାବେ ସେ ବହୁ ଗୁରୁତ୍ୱପୂର୍ଣ୍ଣ ମାମଲାର ବିଚାର କରିଥିଲେ । ମାନବାଧିକାର ସୁରକ୍ଷା ଦିଗରେ ତାଙ୍କ ରାୟ ମାଇଲଖୁଣ୍ଟ ଭାବେ ବିବେଚିତ । କର୍ମସ୍ଥଳୀରେ ମହିଳାଙ୍କ ଯୌନ ନିର୍ଯାତନା ସମ୍ପର୍କିତ ବିଶାଖା ମାମଲା (୧୯୯୭) ତାଙ୍କର ଏକ ଐତିହାସିକ ରାୟ ।

ଜାତୀୟ ମାନବାଧିକାର କମିଶନର ଅଧ୍ୟକ୍ଷ ଭାବେ ମଧ୍ୟ ସେ ଗୁଜରାଟ ଦଙ୍ଗା ସମେତ ବହୁ ପ୍ରସଙ୍ଗରେ ନିରପେକ୍ଷ ଭୂମିକା ଗ୍ରହଣ କରିଥିଲେ ।

ସେହି କମିଟିର ଅଧ୍ୟକ୍ଷ ଥିଲେ ସୁପ୍ରିମକୋର୍ଟର ପୂର୍ବତନ ପ୍ରଧାନ ବିଚାରପତି ଜଷ୍ଟିସ୍ ଜେ. ଏସ୍. ବର୍ମା । ସେ ମାତ୍ର ୨୯ ଦିନ ମଧ୍ୟରେ ନିଜ ରିପୋର୍ଟ ଦେଇ ଏକ ଦୃଷ୍ଟାନ୍ତ ସୃଷ୍ଟି କରିଥିଲେ ।

୧୯୩୩ ଜାନୁଆରୀ ୧୮ରେ ଜନ୍ମିତ ଜଷ୍ଟିସ୍ ବର୍ମା ମଧ୍ୟପ୍ରଦେଶ ହାଇକୋର୍ଟରେ ଓକିଲାତି ଆରମ୍ଭ କରିଥିଲେ । ପରେ ସେ ସୁପ୍ରିମକୋର୍ଟର ୨୭ତମ ପ୍ରଧାନ ବିଚାରପତି ଭାବେ ଦାୟିତ୍ୱ ତୁଲାଇଥିଲେ ।

ତାଙ୍କ କମିଟିର ସୁପାରିଶ ଆଧାରରେ ଅପରାଧିକ ଆଇନ (ସଂଶୋଧନ) ଅଧିନିୟମ ୨୦୧୩ ପ୍ରଣୟନ କରାଯାଇଥିଲା ଯାହା ମହିଳା ସୁରକ୍ଷାକୁ ଅଧିକ ମଜବୁତ କରିଥିଲା ।

ବ୍ୟକ୍ତିତ୍ୱ
ଜଷ୍ଟିସ୍ ଜେ. ଏସ୍. ବର୍ମା

ଏବଂ ସାମାଜିକ ନିରାପତ୍ତା ବିଷୟରେ ସେ ସର୍ବଦା ସଚେତନ ଥିଲେ । ୨୦୧୩ ଏପ୍ରିଲ ୨୨ରେ ଗୁରୁଗାଓଁରେ ତାଙ୍କର ପରଲୋକ ହୋଇଥିଲା । ତାଙ୍କ ଦେହାନ୍ତରେ ଦେଶ ଜଣେ ସଂବେଦନଶୀଳ ନ୍ୟାୟବିତ୍‌ଙ୍କୁ ହରାଇଥିଲା ।

ତାଙ୍କ କମିଟିର ସୁପାରିଶ ଆଧାରରେ ଅପରାଧିକ ଆଇନ (ସଂଶୋଧନ) ଅଧିନିୟମ ୨୦୧୩ ପ୍ରଣୟନ କରାଯାଇଥିଲା ଯାହା ମହିଳା ସୁରକ୍ଷାକୁ ଅଧିକ ମଜବୁତ କରିଥିଲା ।

ନ୍ୟାୟମୂର୍ତ୍ତି ଭାବେ ସେ ବହୁ ଗୁରୁତ୍ୱପୂର୍ଣ୍ଣ ମାମଲାର ବିଚାର କରିଥିଲେ । ମାନବାଧିକାର ସୁରକ୍ଷା ଦିଗରେ ତାଙ୍କ ରାୟ ମାଇଲଖୁଣ୍ଟ ଭାବେ ବିବେଚିତ । କର୍ମସ୍ଥଳୀରେ ମହିଳାଙ୍କ ଯୌନ ନିର୍ଯାତନା ସମ୍ପର୍କିତ ବିଶାଖା ମାମଲା (୧୯୯୭) ତାଙ୍କର ଏକ ଐତିହାସିକ ରାୟ ।

ଦିଲ୍ଲୀରେ ୨୩ ବର୍ଷୀୟା ପାରାମେଡିକାଲ ଛାତ୍ରୀଙ୍କୁ ଗଣଦୁଷ୍କର୍ମ ଘଟଣା ପରେ ସାରା ଦେଶରେ ଆନ୍ଦୋଳନ ହୋଇଥିଲା । ଏହି ଘଟଣା ପରେ ମହିଳା ସୁରକ୍ଷା ପାଇଁ ଆଇନ ସଂଶୋଧନ ନିମନ୍ତେ ଏକ କମିଟି ଗଠନ କରାଯାଇଥିଲା ।

- ପି. ଏନ୍.
